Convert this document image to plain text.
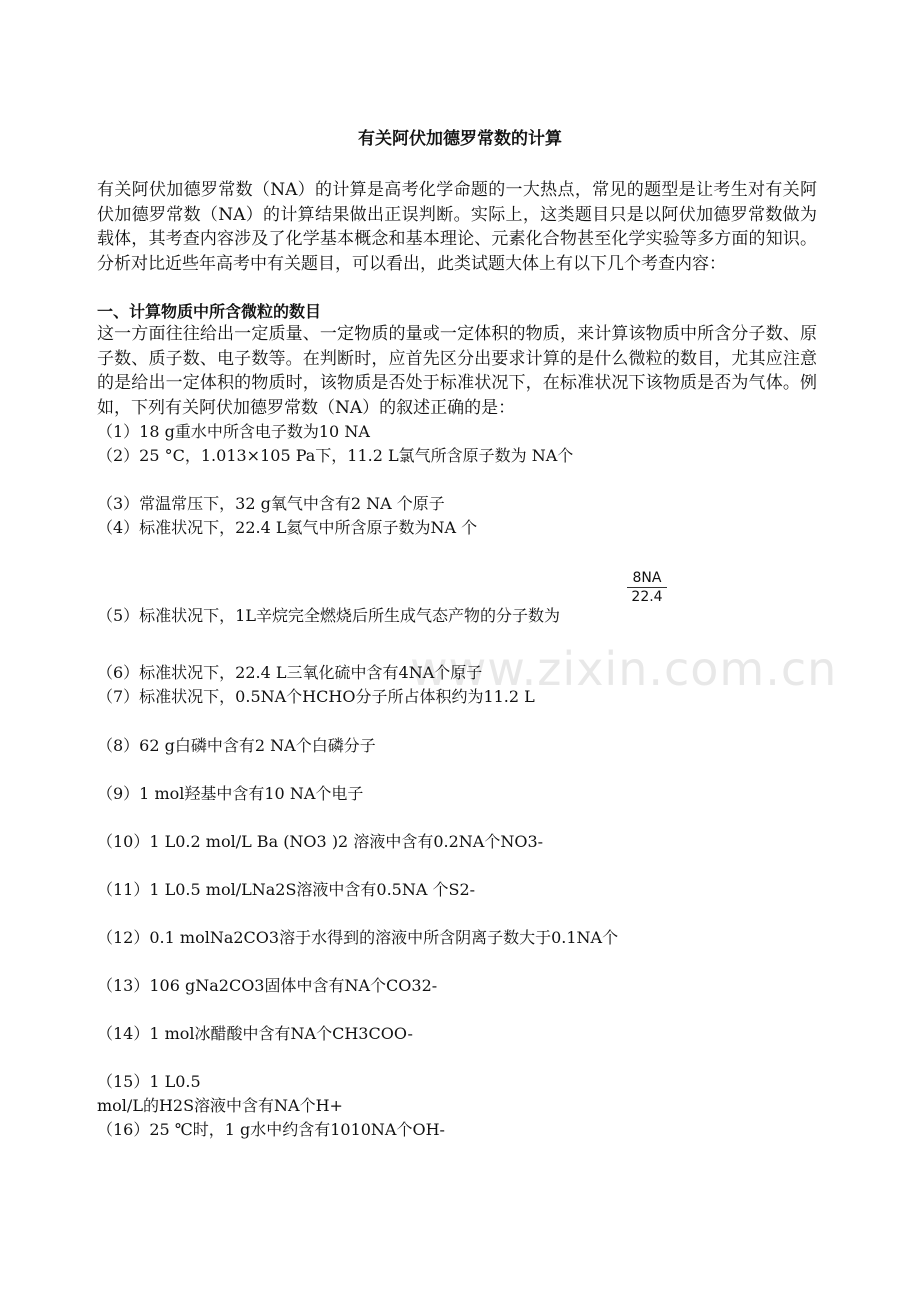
www.zixin.com.cn
有关阿伏加德罗常数的计算

有关阿伏加德罗常数（NA）的计算是高考化学命题的一大热点，常见的题型是让考生对有关阿伏加德罗常数（NA）的计算结果做出正误判断。实际上，这类题目只是以阿伏加德罗常数做为载体，其考查内容涉及了化学基本概念和基本理论、元素化合物甚至化学实验等多方面的知识。分析对比近些年高考中有关题目，可以看出，此类试题大体上有以下几个考查内容：

一、计算物质中所含微粒的数目

这一方面往往给出一定质量、一定物质的量或一定体积的物质，来计算该物质中所含分子数、原子数、质子数、电子数等。在判断时，应首先区分出要求计算的是什么微粒的数目，尤其应注意的是给出一定体积的物质时，该物质是否处于标准状况下，在标准状况下该物质是否为气体。例如，下列有关阿伏加德罗常数（NA）的叙述正确的是：

（1）18 g重水中所含电子数为10 NA
（2）25 °C，1.013×105 Pa下，11.2 L氯气所含原子数为 NA个
（3）常温常压下，32 g氧气中含有2 NA 个原子
（4）标准状况下，22.4 L氦气中所含原子数为NA 个
（5）标准状况下，1L辛烷完全燃烧后所生成气态产物的分子数为
$\frac{8NA}{22.4}$
（6）标准状况下，22.4 L三氧化硫中含有4NA个原子
（7）标准状况下，0.5NA个HCHO分子所占体积约为11.2 L
（8）62 g白磷中含有2 NA个白磷分子
（9）1 mol羟基中含有10 NA个电子
（10）1 L0.2 mol/L Ba (NO3 )2 溶液中含有0.2NA个NO3-
（11）1 L0.5 mol/LNa2S溶液中含有0.5NA 个S2-
（12）0.1 molNa2CO3溶于水得到的溶液中所含阴离子数大于0.1NA个
（13）106 gNa2CO3固体中含有NA个CO32-
（14）1 mol冰醋酸中含有NA个CH3COO-
（15）1 L0.5
mol/L的H2S溶液中含有NA个H+
（16）25 ℃时，1 g水中约含有1010NA个OH-
